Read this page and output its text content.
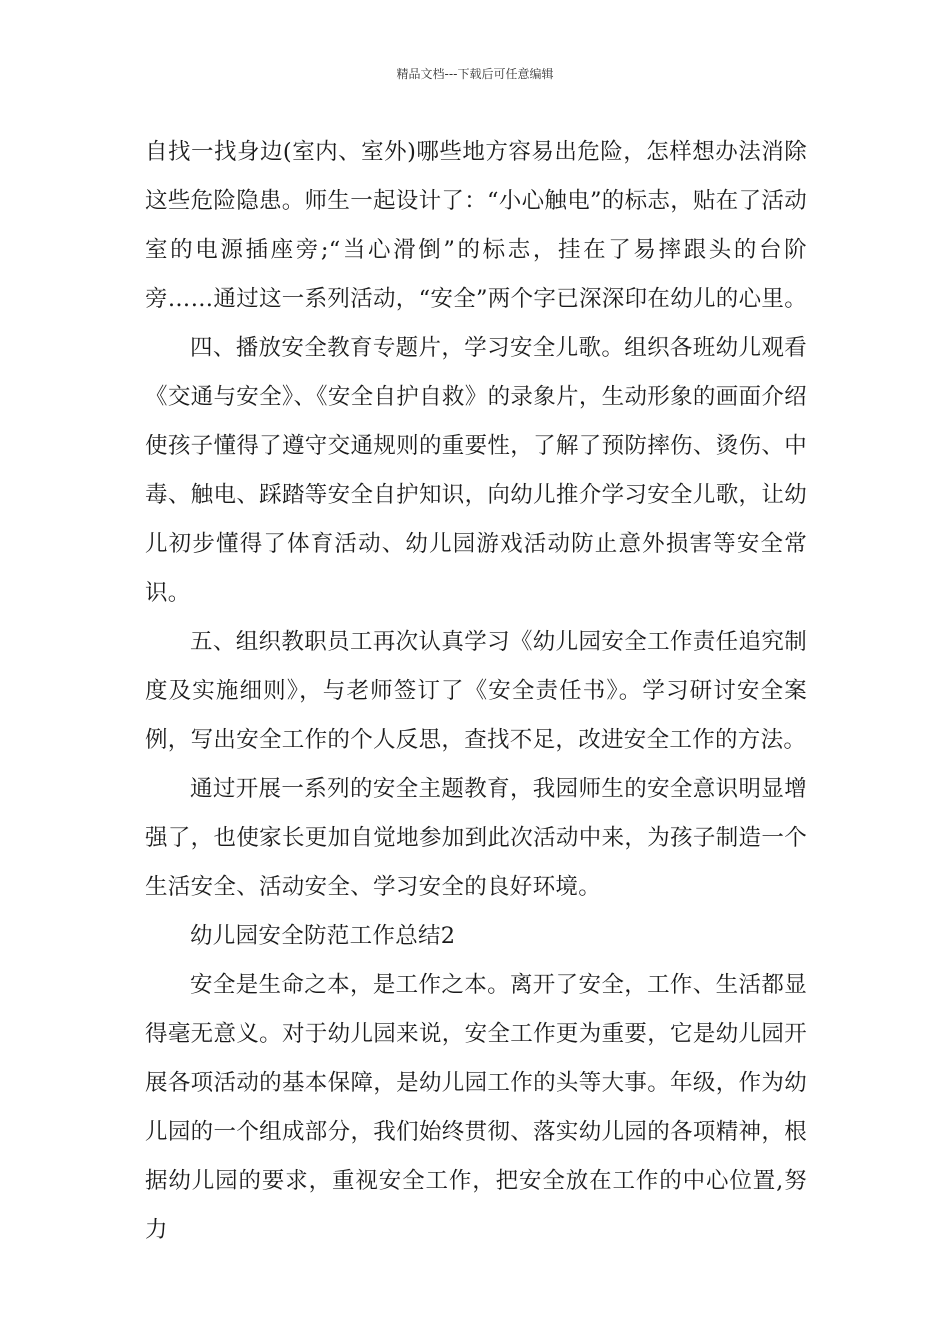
精品文档---下载后可任意编辑

自找一找身边(室内、室外)哪些地方容易出危险，怎样想办法消除这些危险隐患。师生一起设计了：“小心触电”的标志，贴在了活动室的电源插座旁;“当心滑倒”的标志，挂在了易摔跟头的台阶旁……通过这一系列活动，“安全”两个字已深深印在幼儿的心里。

四、播放安全教育专题片，学习安全儿歌。组织各班幼儿观看《交通与安全》、《安全自护自救》的录象片，生动形象的画面介绍使孩子懂得了遵守交通规则的重要性，了解了预防摔伤、烫伤、中毒、触电、踩踏等安全自护知识，向幼儿推介学习安全儿歌，让幼儿初步懂得了体育活动、幼儿园游戏活动防止意外损害等安全常识。

五、组织教职员工再次认真学习《幼儿园安全工作责任追究制度及实施细则》，与老师签订了《安全责任书》。学习研讨安全案例，写出安全工作的个人反思，查找不足，改进安全工作的方法。

通过开展一系列的安全主题教育，我园师生的安全意识明显增强了，也使家长更加自觉地参加到此次活动中来，为孩子制造一个生活安全、活动安全、学习安全的良好环境。

幼儿园安全防范工作总结2

安全是生命之本，是工作之本。离开了安全，工作、生活都显得毫无意义。对于幼儿园来说，安全工作更为重要，它是幼儿园开展各项活动的基本保障，是幼儿园工作的头等大事。年级，作为幼儿园的一个组成部分，我们始终贯彻、落实幼儿园的各项精神，根据幼儿园的要求，重视安全工作，把安全放在工作的中心位置,努力
